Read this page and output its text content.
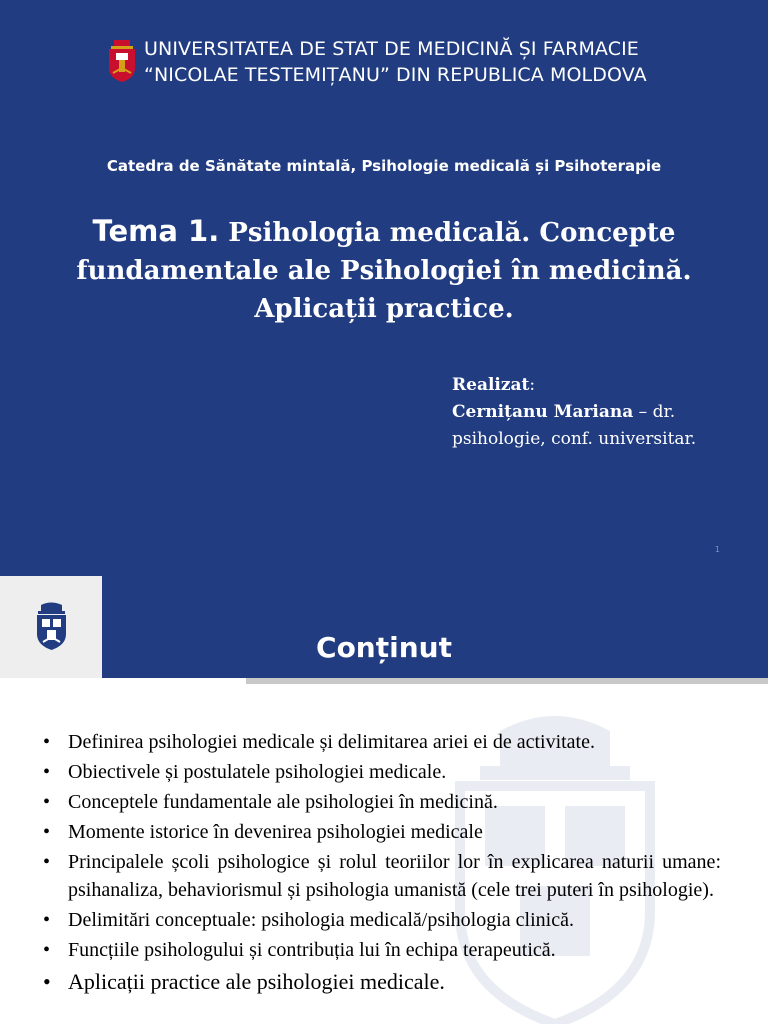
UNIVERSITATEA DE STAT DE MEDICINĂ ȘI FARMACIE
“NICOLAE TESTEMIȚANU” DIN REPUBLICA MOLDOVA
Catedra de Sănătate mintală, Psihologie medicală și Psihoterapie
Tema 1. Psihologia medicală. Concepte
fundamentale ale Psihologiei în medicină.
Aplicații practice.
Realizat:
Cernițanu Mariana – dr.
psihologie, conf. universitar.
1
Conținut
• Definirea psihologiei medicale și delimitarea ariei ei de activitate.
• Obiectivele și postulatele psihologiei medicale.
• Conceptele fundamentale ale psihologiei în medicină.
• Momente istorice în devenirea psihologiei medicale
• Principalele școli psihologice și rolul teoriilor lor în explicarea naturii umane: psihanaliza, behaviorismul și psihologia umanistă (cele trei puteri în psihologie).
• Delimitări conceptuale: psihologia medicală/psihologia clinică.
• Funcțiile psihologului și contribuția lui în echipa terapeutică.
• Aplicații practice ale psihologiei medicale.
